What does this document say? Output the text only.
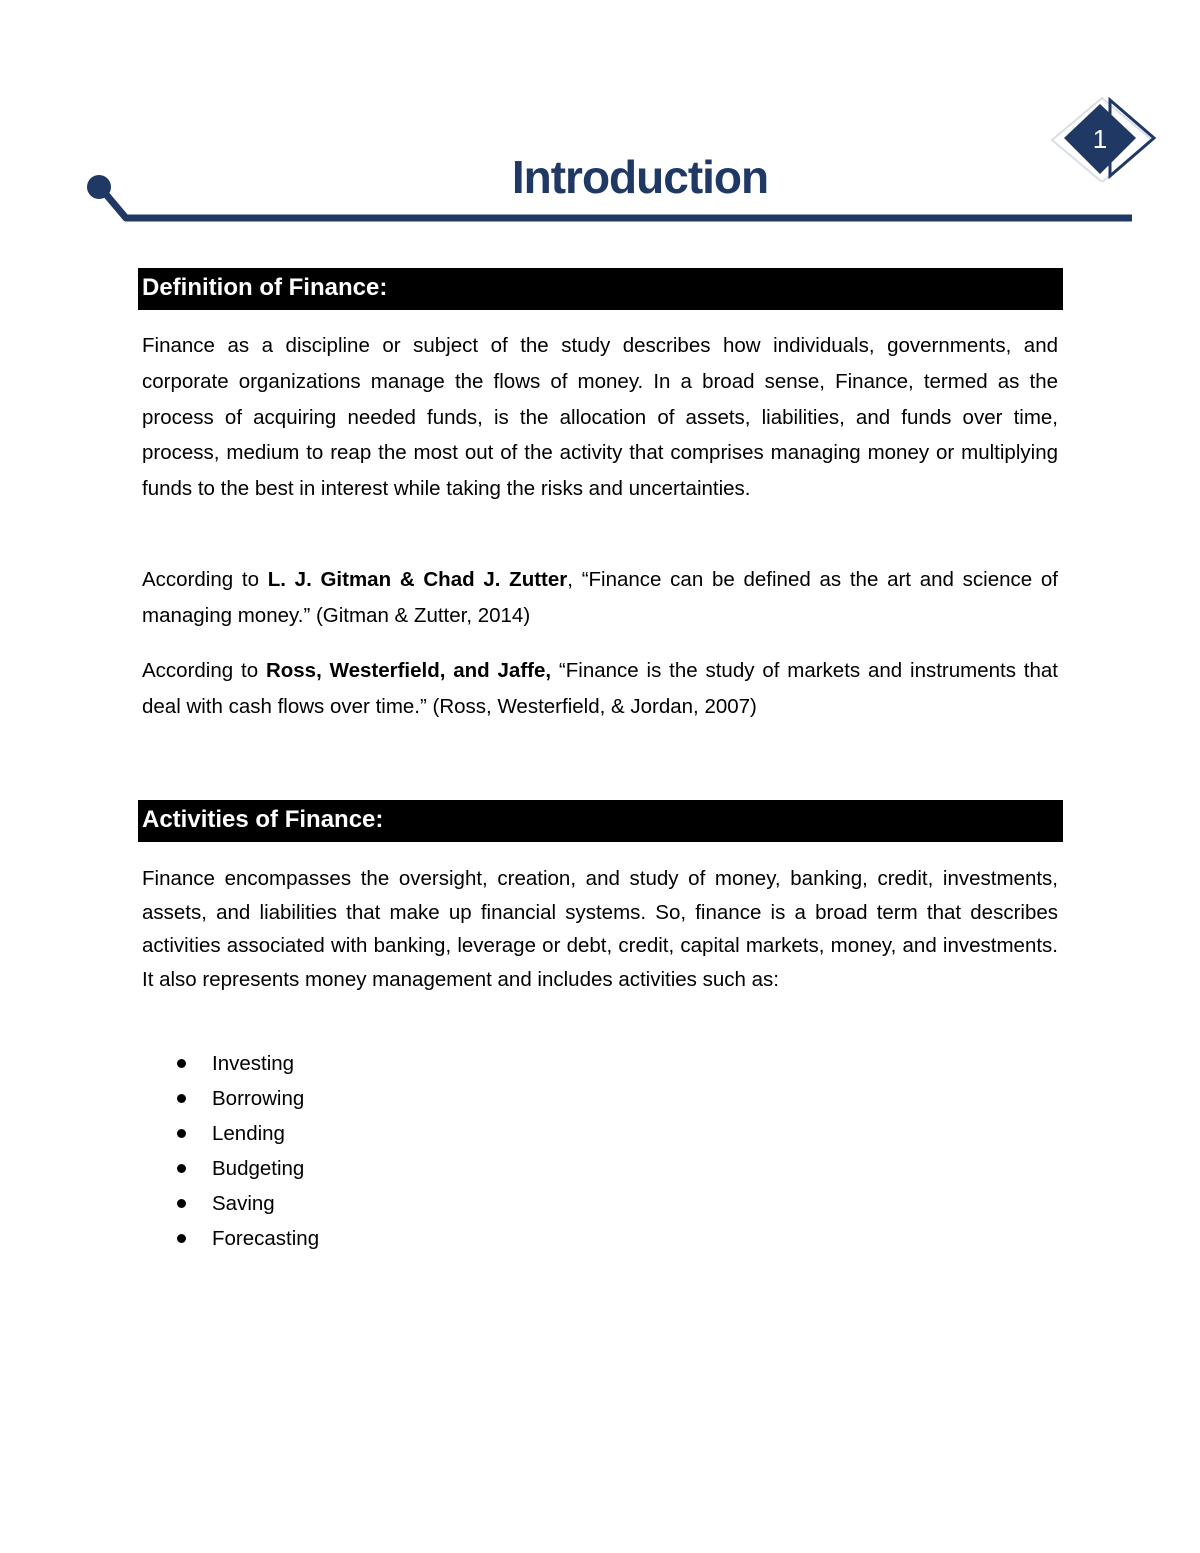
Introduction
1
Definition of Finance:

Finance as a discipline or subject of the study describes how individuals, governments, and corporate organizations manage the flows of money. In a broad sense, Finance, termed as the process of acquiring needed funds, is the allocation of assets, liabilities, and funds over time, process, medium to reap the most out of the activity that comprises managing money or multiplying funds to the best in interest while taking the risks and uncertainties.

According to L. J. Gitman & Chad J. Zutter, “Finance can be defined as the art and science of managing money.” (Gitman & Zutter, 2014)

According to Ross, Westerfield, and Jaffe, “Finance is the study of markets and instruments that deal with cash flows over time.” (Ross, Westerfield, & Jordan, 2007)

Activities of Finance:

Finance encompasses the oversight, creation, and study of money, banking, credit, investments, assets, and liabilities that make up financial systems. So, finance is a broad term that describes activities associated with banking, leverage or debt, credit, capital markets, money, and investments. It also represents money management and includes activities such as:

Investing
Borrowing
Lending
Budgeting
Saving
Forecasting
